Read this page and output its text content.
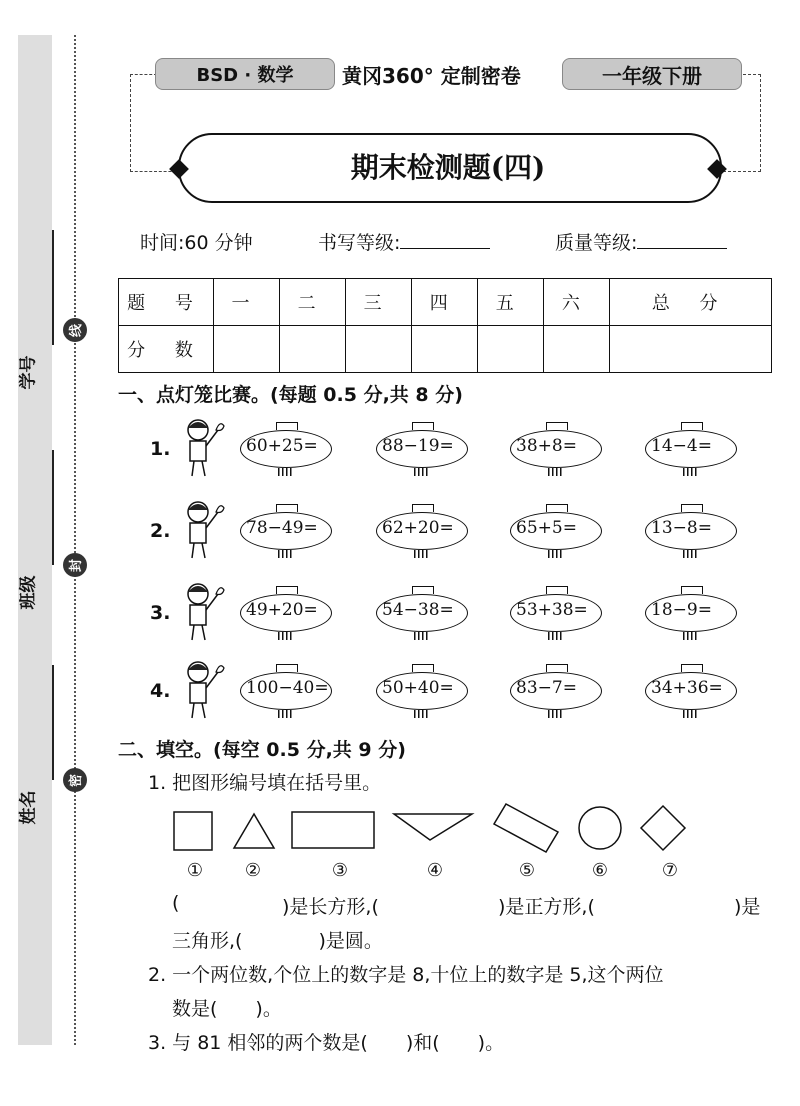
学号
班级
姓名
线
封
密
BSD · 数学	黄冈360° 定制密卷	一年级下册
期末检测题(四)
时间:60 分钟	书写等级:	质量等级:
题 号	一	二	三	四	五	六	总 分
分 数							
一、点灯笼比赛。(每题 0.5 分,共 8 分)
1.	60+25=	88−19=	38+8=	14−4=
2.	78−49=	62+20=	65+5=	13−8=
3.	49+20=	54−38=	53+38=	18−9=
4.	100−40=	50+40=	83−7=	34+36=
二、填空。(每空 0.5 分,共 9 分)
1. 把图形编号填在括号里。
①	②	③	④	⑤	⑥	⑦
(	)是长方形,(	)是正方形,(	)是
三角形,(　　　　)是圆。
2. 一个两位数,个位上的数字是 8,十位上的数字是 5,这个两位
数是(　　)。
3. 与 81 相邻的两个数是(　　)和(　　)。
